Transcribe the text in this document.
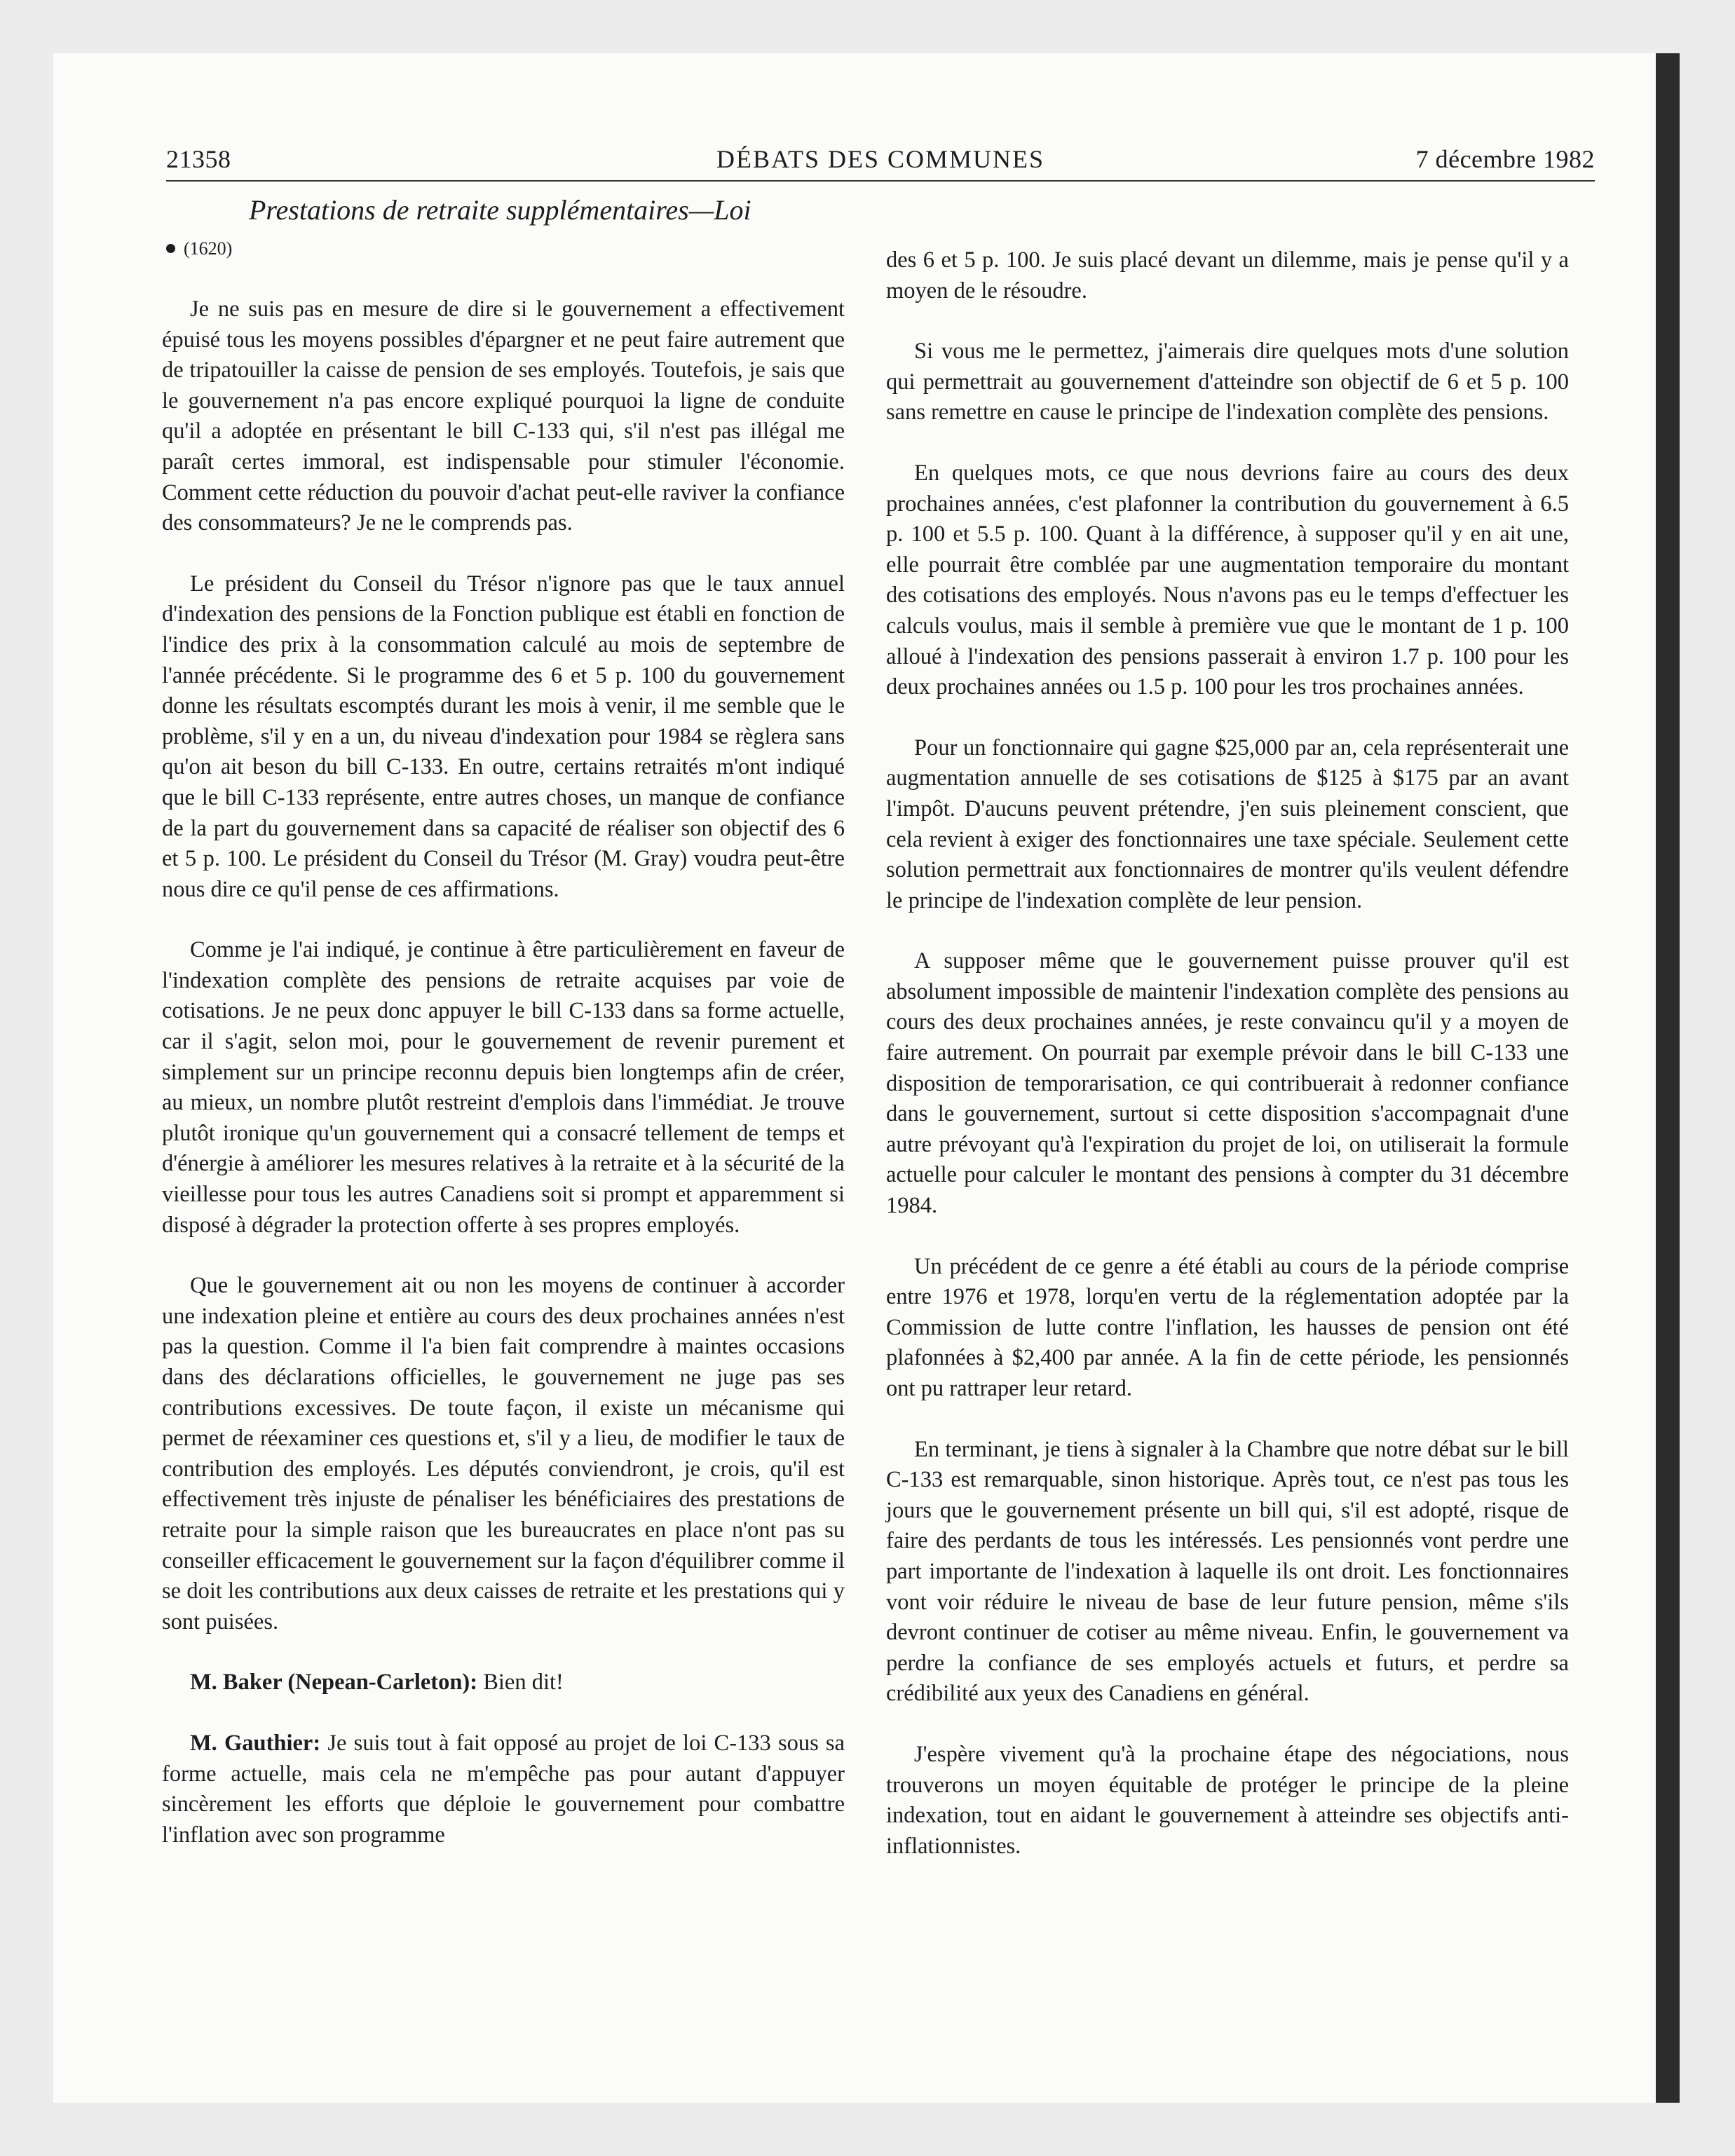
21358	DÉBATS DES COMMUNES	7 décembre 1982
Prestations de retraite supplémentaires—Loi
(1620)

Je ne suis pas en mesure de dire si le gouvernement a effectivement épuisé tous les moyens possibles d'épargner et ne peut faire autrement que de tripatouiller la caisse de pension de ses employés. Toutefois, je sais que le gouvernement n'a pas encore expliqué pourquoi la ligne de conduite qu'il a adoptée en présentant le bill C-133 qui, s'il n'est pas illégal me paraît certes immoral, est indispensable pour stimuler l'économie. Comment cette réduction du pouvoir d'achat peut-elle raviver la confiance des consommateurs? Je ne le comprends pas.

Le président du Conseil du Trésor n'ignore pas que le taux annuel d'indexation des pensions de la Fonction publique est établi en fonction de l'indice des prix à la consommation calculé au mois de septembre de l'année précédente. Si le programme des 6 et 5 p. 100 du gouvernement donne les résultats escomptés durant les mois à venir, il me semble que le problème, s'il y en a un, du niveau d'indexation pour 1984 se règlera sans qu'on ait beson du bill C-133. En outre, certains retraités m'ont indiqué que le bill C-133 représente, entre autres choses, un manque de confiance de la part du gouvernement dans sa capacité de réaliser son objectif des 6 et 5 p. 100. Le président du Conseil du Trésor (M. Gray) voudra peut-être nous dire ce qu'il pense de ces affirmations.

Comme je l'ai indiqué, je continue à être particulièrement en faveur de l'indexation complète des pensions de retraite acquises par voie de cotisations. Je ne peux donc appuyer le bill C-133 dans sa forme actuelle, car il s'agit, selon moi, pour le gouvernement de revenir purement et simplement sur un principe reconnu depuis bien longtemps afin de créer, au mieux, un nombre plutôt restreint d'emplois dans l'immédiat. Je trouve plutôt ironique qu'un gouvernement qui a consacré tellement de temps et d'énergie à améliorer les mesures relatives à la retraite et à la sécurité de la vieillesse pour tous les autres Canadiens soit si prompt et apparemment si disposé à dégrader la protection offerte à ses propres employés.

Que le gouvernement ait ou non les moyens de continuer à accorder une indexation pleine et entière au cours des deux prochaines années n'est pas la question. Comme il l'a bien fait comprendre à maintes occasions dans des déclarations officielles, le gouvernement ne juge pas ses contributions excessives. De toute façon, il existe un mécanisme qui permet de réexaminer ces questions et, s'il y a lieu, de modifier le taux de contribution des employés. Les députés conviendront, je crois, qu'il est effectivement très injuste de pénaliser les bénéficiaires des prestations de retraite pour la simple raison que les bureaucrates en place n'ont pas su conseiller efficacement le gouvernement sur la façon d'équilibrer comme il se doit les contributions aux deux caisses de retraite et les prestations qui y sont puisées.

M. Baker (Nepean-Carleton): Bien dit!

M. Gauthier: Je suis tout à fait opposé au projet de loi C-133 sous sa forme actuelle, mais cela ne m'empêche pas pour autant d'appuyer sincèrement les efforts que déploie le gouvernement pour combattre l'inflation avec son programme

des 6 et 5 p. 100. Je suis placé devant un dilemme, mais je pense qu'il y a moyen de le résoudre.

Si vous me le permettez, j'aimerais dire quelques mots d'une solution qui permettrait au gouvernement d'atteindre son objectif de 6 et 5 p. 100 sans remettre en cause le principe de l'indexation complète des pensions.

En quelques mots, ce que nous devrions faire au cours des deux prochaines années, c'est plafonner la contribution du gouvernement à 6.5 p. 100 et 5.5 p. 100. Quant à la différence, à supposer qu'il y en ait une, elle pourrait être comblée par une augmentation temporaire du montant des cotisations des employés. Nous n'avons pas eu le temps d'effectuer les calculs voulus, mais il semble à première vue que le montant de 1 p. 100 alloué à l'indexation des pensions passerait à environ 1.7 p. 100 pour les deux prochaines années ou 1.5 p. 100 pour les tros prochaines années.

Pour un fonctionnaire qui gagne $25,000 par an, cela représenterait une augmentation annuelle de ses cotisations de $125 à $175 par an avant l'impôt. D'aucuns peuvent prétendre, j'en suis pleinement conscient, que cela revient à exiger des fonctionnaires une taxe spéciale. Seulement cette solution permettrait aux fonctionnaires de montrer qu'ils veulent défendre le principe de l'indexation complète de leur pension.

A supposer même que le gouvernement puisse prouver qu'il est absolument impossible de maintenir l'indexation complète des pensions au cours des deux prochaines années, je reste convaincu qu'il y a moyen de faire autrement. On pourrait par exemple prévoir dans le bill C-133 une disposition de temporarisation, ce qui contribuerait à redonner confiance dans le gouvernement, surtout si cette disposition s'accompagnait d'une autre prévoyant qu'à l'expiration du projet de loi, on utiliserait la formule actuelle pour calculer le montant des pensions à compter du 31 décembre 1984.

Un précédent de ce genre a été établi au cours de la période comprise entre 1976 et 1978, lorqu'en vertu de la réglementation adoptée par la Commission de lutte contre l'inflation, les hausses de pension ont été plafonnées à $2,400 par année. A la fin de cette période, les pensionnés ont pu rattraper leur retard.

En terminant, je tiens à signaler à la Chambre que notre débat sur le bill C-133 est remarquable, sinon historique. Après tout, ce n'est pas tous les jours que le gouvernement présente un bill qui, s'il est adopté, risque de faire des perdants de tous les intéressés. Les pensionnés vont perdre une part importante de l'indexation à laquelle ils ont droit. Les fonctionnaires vont voir réduire le niveau de base de leur future pension, même s'ils devront continuer de cotiser au même niveau. Enfin, le gouvernement va perdre la confiance de ses employés actuels et futurs, et perdre sa crédibilité aux yeux des Canadiens en général.

J'espère vivement qu'à la prochaine étape des négociations, nous trouverons un moyen équitable de protéger le principe de la pleine indexation, tout en aidant le gouvernement à atteindre ses objectifs anti-inflationnistes.
